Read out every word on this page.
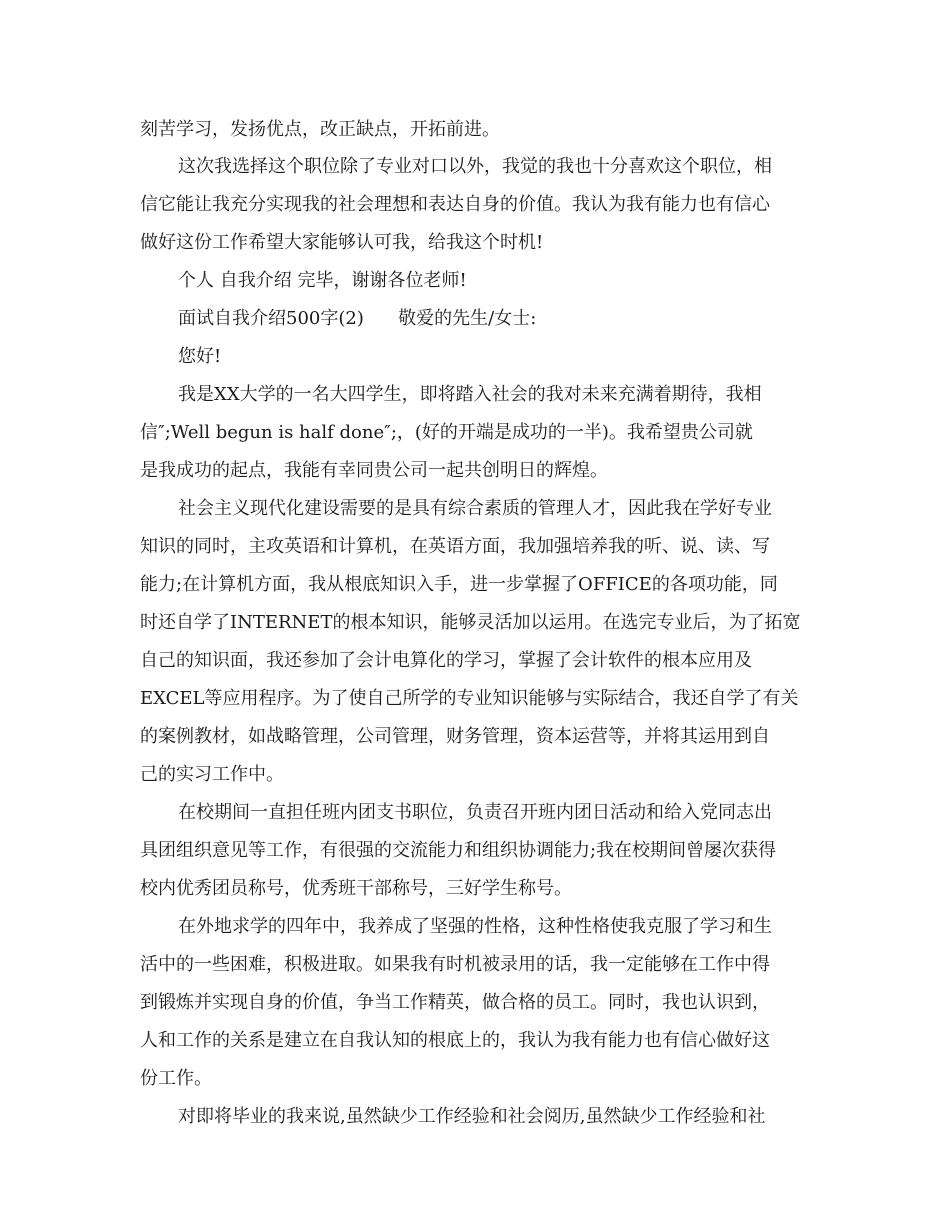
刻苦学习，发扬优点，改正缺点，开拓前进。
这次我选择这个职位除了专业对口以外，我觉的我也十分喜欢这个职位，相
信它能让我充分实现我的社会理想和表达自身的价值。我认为我有能力也有信心
做好这份工作希望大家能够认可我，给我这个时机!
个人 自我介绍 完毕，谢谢各位老师!
面试自我介绍500字(2)      敬爱的先生/女士:
您好!
我是XX大学的一名大四学生，即将踏入社会的我对未来充满着期待，我相
信″;Well begun is half done″;，(好的开端是成功的一半)。我希望贵公司就
是我成功的起点，我能有幸同贵公司一起共创明日的辉煌。
社会主义现代化建设需要的是具有综合素质的管理人才，因此我在学好专业
知识的同时，主攻英语和计算机，在英语方面，我加强培养我的听、说、读、写
能力;在计算机方面，我从根底知识入手，进一步掌握了OFFICE的各项功能，同
时还自学了INTERNET的根本知识，能够灵活加以运用。在选完专业后，为了拓宽
自己的知识面，我还参加了会计电算化的学习，掌握了会计软件的根本应用及
EXCEL等应用程序。为了使自己所学的专业知识能够与实际结合，我还自学了有关
的案例教材，如战略管理，公司管理，财务管理，资本运营等，并将其运用到自
己的实习工作中。
在校期间一直担任班内团支书职位，负责召开班内团日活动和给入党同志出
具团组织意见等工作，有很强的交流能力和组织协调能力;我在校期间曾屡次获得
校内优秀团员称号，优秀班干部称号，三好学生称号。
在外地求学的四年中，我养成了坚强的性格，这种性格使我克服了学习和生
活中的一些困难，积极进取。如果我有时机被录用的话，我一定能够在工作中得
到锻炼并实现自身的价值，争当工作精英，做合格的员工。同时，我也认识到，
人和工作的关系是建立在自我认知的根底上的，我认为我有能力也有信心做好这
份工作。
对即将毕业的我来说,虽然缺少工作经验和社会阅历,虽然缺少工作经验和社
